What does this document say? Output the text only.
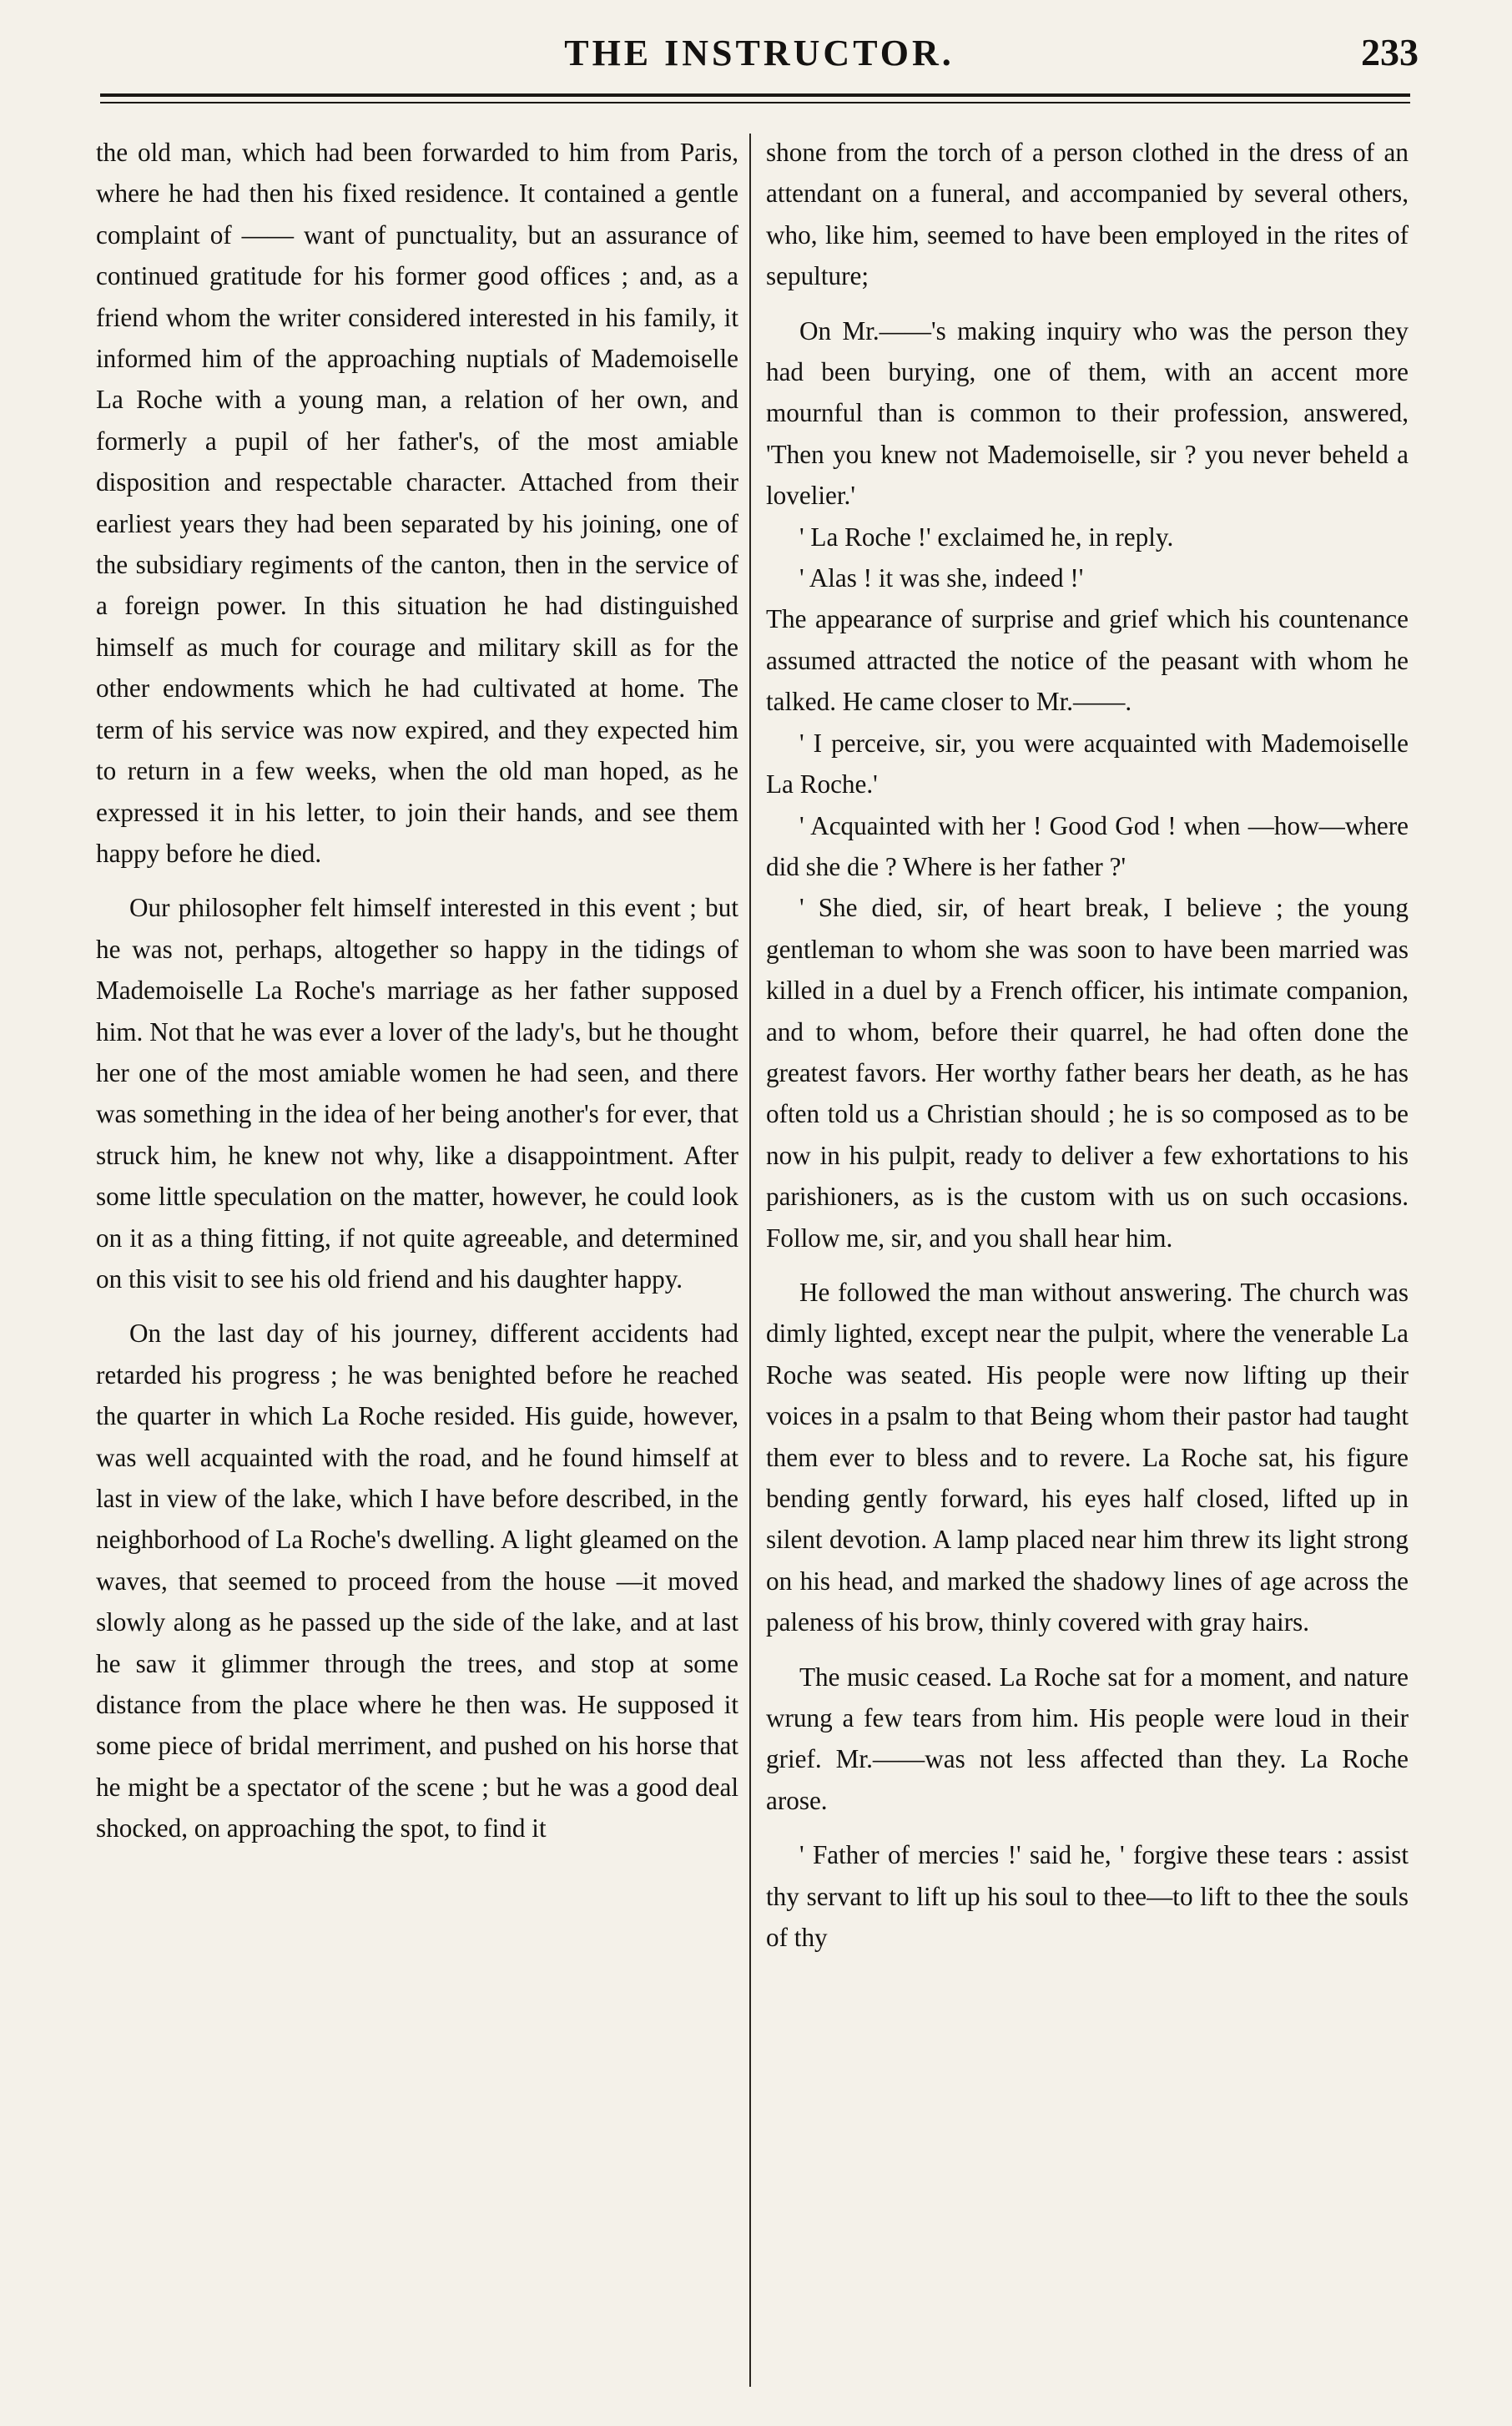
THE INSTRUCTOR.	233

the old man, which had been forwarded to him from Paris, where he had then his fixed residence. It contained a gentle complaint of —— want of punctuality, but an assurance of continued gratitude for his former good offices ; and, as a friend whom the writer considered interested in his family, it informed him of the approaching nuptials of Mademoiselle La Roche with a young man, a relation of her own, and formerly a pupil of her father's, of the most amiable disposition and respectable character. Attached from their earliest years they had been separated by his joining, one of the subsidiary regiments of the canton, then in the service of a foreign power. In this situation he had distinguished himself as much for courage and military skill as for the other endowments which he had cultivated at home. The term of his service was now expired, and they expected him to return in a few weeks, when the old man hoped, as he expressed it in his letter, to join their hands, and see them happy before he died.

Our philosopher felt himself interested in this event ; but he was not, perhaps, altogether so happy in the tidings of Mademoiselle La Roche's marriage as her father supposed him. Not that he was ever a lover of the lady's, but he thought her one of the most amiable women he had seen, and there was something in the idea of her being another's for ever, that struck him, he knew not why, like a disappointment. After some little speculation on the matter, however, he could look on it as a thing fitting, if not quite agreeable, and determined on this visit to see his old friend and his daughter happy.

On the last day of his journey, different accidents had retarded his progress ; he was benighted before he reached the quarter in which La Roche resided. His guide, however, was well acquainted with the road, and he found himself at last in view of the lake, which I have before described, in the neighborhood of La Roche's dwelling. A light gleamed on the waves, that seemed to proceed from the house —it moved slowly along as he passed up the side of the lake, and at last he saw it glimmer through the trees, and stop at some distance from the place where he then was. He supposed it some piece of bridal merriment, and pushed on his horse that he might be a spectator of the scene ; but he was a good deal shocked, on approaching the spot, to find it

shone from the torch of a person clothed in the dress of an attendant on a funeral, and accompanied by several others, who, like him, seemed to have been employed in the rites of sepulture;

On Mr.——'s making inquiry who was the person they had been burying, one of them, with an accent more mournful than is common to their profession, answered, 'Then you knew not Mademoiselle, sir ? you never beheld a lovelier.'

' La Roche !' exclaimed he, in reply.

' Alas ! it was she, indeed !'

The appearance of surprise and grief which his countenance assumed attracted the notice of the peasant with whom he talked. He came closer to Mr.——.

' I perceive, sir, you were acquainted with Mademoiselle La Roche.'

' Acquainted with her ! Good God ! when —how—where did she die ? Where is her father ?'

' She died, sir, of heart break, I believe ; the young gentleman to whom she was soon to have been married was killed in a duel by a French officer, his intimate companion, and to whom, before their quarrel, he had often done the greatest favors. Her worthy father bears her death, as he has often told us a Christian should ; he is so composed as to be now in his pulpit, ready to deliver a few exhortations to his parishioners, as is the custom with us on such occasions. Follow me, sir, and you shall hear him.

He followed the man without answering. The church was dimly lighted, except near the pulpit, where the venerable La Roche was seated. His people were now lifting up their voices in a psalm to that Being whom their pastor had taught them ever to bless and to revere. La Roche sat, his figure bending gently forward, his eyes half closed, lifted up in silent devotion. A lamp placed near him threw its light strong on his head, and marked the shadowy lines of age across the paleness of his brow, thinly covered with gray hairs.

The music ceased. La Roche sat for a moment, and nature wrung a few tears from him. His people were loud in their grief. Mr.——was not less affected than they. La Roche arose.

' Father of mercies !' said he, ' forgive these tears : assist thy servant to lift up his soul to thee—to lift to thee the souls of thy
